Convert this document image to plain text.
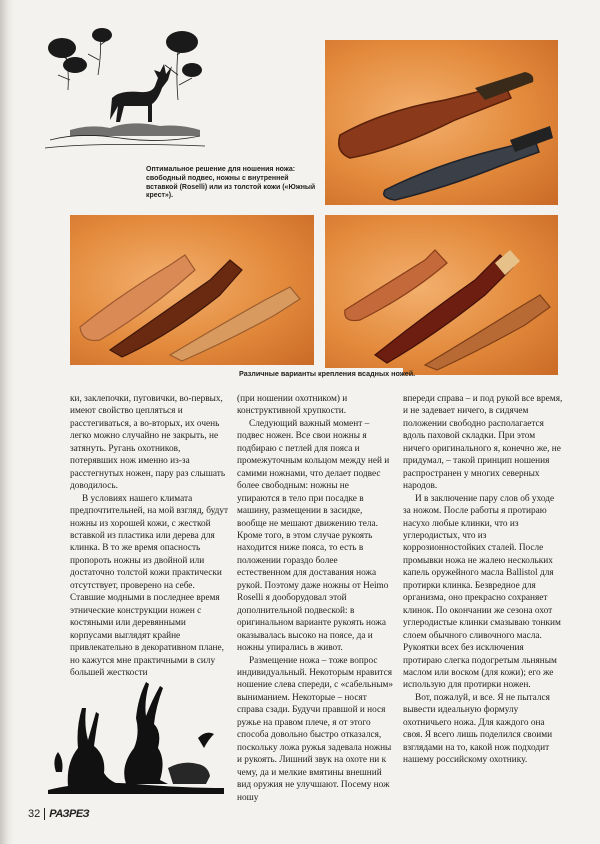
Оптимальное решение для ношения ножа: свободный подвес, ножны с внутренней вставкой (Roselli) или из толстой кожи («Южный крест»).
Различные варианты крепления всадных ножей.

ки, заклепочки, пуговички, во-первых, имеют свойство цепляться и расстегиваться, а во-вторых, их очень легко можно случайно не закрыть, не затянуть. Ругань охотников, потерявших нож именно из-за расстегнутых ножен, пару раз слышать доводилось.

В условиях нашего климата предпочтительней, на мой взгляд, будут ножны из хорошей кожи, с жесткой вставкой из пластика или дерева для клинка. В то же время опасность пропороть ножны из двойной или достаточно толстой кожи практически отсутствует, проверено на себе. Ставшие модными в последнее время этнические конструкции ножен с костяными или деревянными корпусами выглядят крайне привлекательно в декоративном плане, но кажутся мне практичными в силу большей жесткости

(при ношении охотником) и конструктивной хрупкости.

Следующий важный момент – подвес ножен. Все свои ножны я подбираю с петлей для пояса и промежуточным кольцом между ней и самими ножнами, что делает подвес более свободным: ножны не упираются в тело при посадке в машину, размещении в засидке, вообще не мешают движению тела. Кроме того, в этом случае рукоять находится ниже пояса, то есть в положении гораздо более естественном для доставания ножа рукой. Поэтому даже ножны от Heimo Roselli я дооборудовал этой дополнительной подвеской: в оригинальном варианте рукоять ножа оказывалась высоко на поясе, да и ножны упирались в живот.

Размещение ножа – тоже вопрос индивидуальный. Некоторым нравится ношение слева спереди, с «сабельным» выниманием. Некоторые – носят справа сзади. Будучи правшой и нося ружье на правом плече, я от этого способа довольно быстро отказался, поскольку ложа ружья задевала ножны и рукоять. Лишний звук на охоте ни к чему, да и мелкие вмятины внешний вид оружия не улучшают. Посему нож ношу

впереди справа – и под рукой все время, и не задевает ничего, в сидячем положении свободно располагается вдоль паховой складки. При этом ничего оригинального я, конечно же, не придумал, – такой принцип ношения распространен у многих северных народов.

И в заключение пару слов об уходе за ножом. После работы я протираю насухо любые клинки, что из углеродистых, что из коррозионностойких сталей. После промывки ножа не жалею нескольких капель оружейного масла Ballistol для протирки клинка. Безвредное для организма, оно прекрасно сохраняет клинок. По окончании же сезона охот углеродистые клинки смазываю тонким слоем обычного сливочного масла. Рукоятки всех без исключения протираю слегка подогретым льняным маслом или воском (для кожи); его же использую для протирки ножен.

Вот, пожалуй, и все. Я не пытался вывести идеальную формулу охотничьего ножа. Для каждого она своя. Я всего лишь поделился своими взглядами на то, какой нож подходит нашему российскому охотнику.

32 РАЗРЕЗ
